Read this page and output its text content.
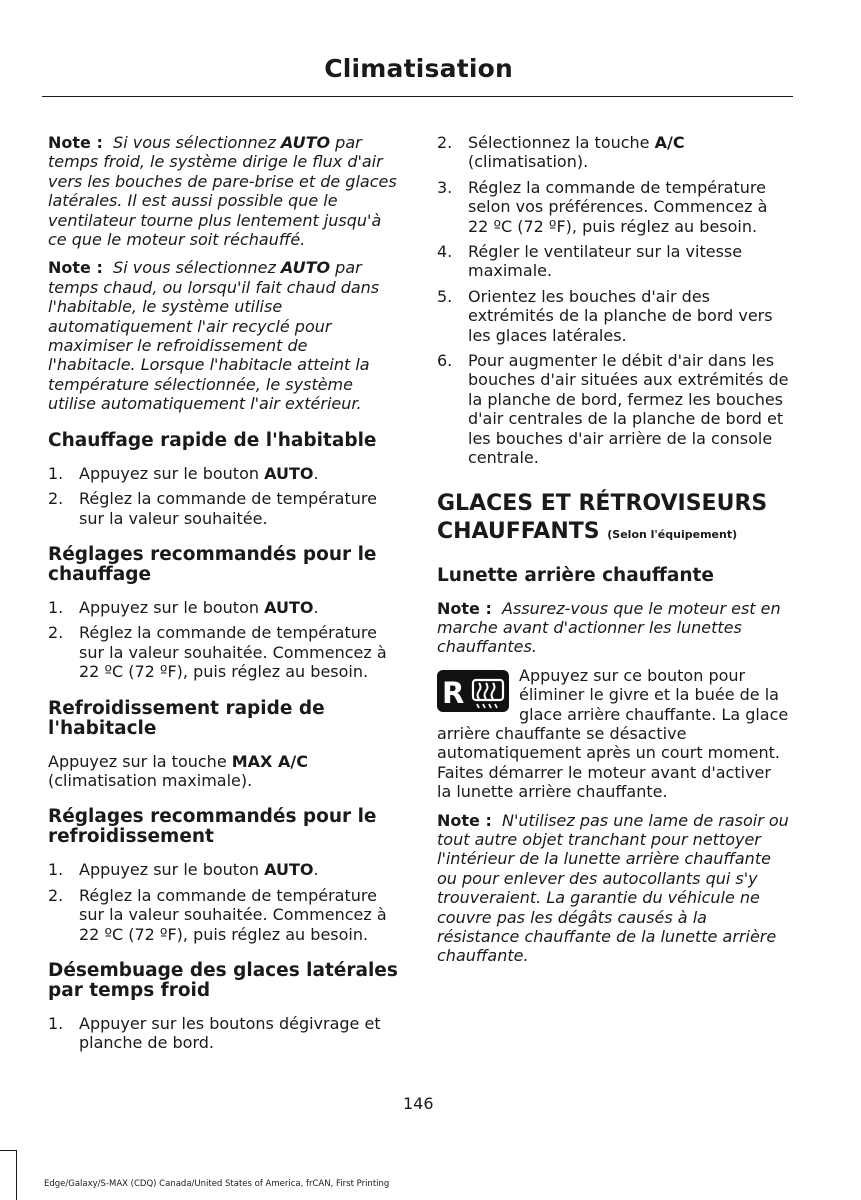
Climatisation

Note : Si vous sélectionnez AUTO par temps froid, le système dirige le flux d'air vers les bouches de pare-brise et de glaces latérales. Il est aussi possible que le ventilateur tourne plus lentement jusqu'à ce que le moteur soit réchauffé.

Note : Si vous sélectionnez AUTO par temps chaud, ou lorsqu'il fait chaud dans l'habitable, le système utilise automatiquement l'air recyclé pour maximiser le refroidissement de l'habitacle. Lorsque l'habitacle atteint la température sélectionnée, le système utilise automatiquement l'air extérieur.

Chauffage rapide de l'habitable
1. Appuyez sur le bouton AUTO.
2. Réglez la commande de température sur la valeur souhaitée.
Réglages recommandés pour le chauffage
1. Appuyez sur le bouton AUTO.
2. Réglez la commande de température sur la valeur souhaitée. Commencez à 22 ºC (72 ºF), puis réglez au besoin.
Refroidissement rapide de l'habitacle

Appuyez sur la touche MAX A/C (climatisation maximale).

Réglages recommandés pour le refroidissement
1. Appuyez sur le bouton AUTO.
2. Réglez la commande de température sur la valeur souhaitée. Commencez à 22 ºC (72 ºF), puis réglez au besoin.
Désembuage des glaces latérales par temps froid
1. Appuyer sur les boutons dégivrage et planche de bord.
2. Sélectionnez la touche A/C (climatisation).
3. Réglez la commande de température selon vos préférences. Commencez à 22 ºC (72 ºF), puis réglez au besoin.
4. Régler le ventilateur sur la vitesse maximale.
5. Orientez les bouches d'air des extrémités de la planche de bord vers les glaces latérales.
6. Pour augmenter le débit d'air dans les bouches d'air situées aux extrémités de la planche de bord, fermez les bouches d'air centrales de la planche de bord et les bouches d'air arrière de la console centrale.
GLACES ET RÉTROVISEURS CHAUFFANTS (Selon l'équipement)
Lunette arrière chauffante

Note : Assurez-vous que le moteur est en marche avant d'actionner les lunettes chauffantes.

R
Appuyez sur ce bouton pour éliminer le givre et la buée de la glace arrière chauffante. La glace arrière chauffante se désactive automatiquement après un court moment. Faites démarrer le moteur avant d'activer la lunette arrière chauffante.

Note : N'utilisez pas une lame de rasoir ou tout autre objet tranchant pour nettoyer l'intérieur de la lunette arrière chauffante ou pour enlever des autocollants qui s'y trouveraient. La garantie du véhicule ne couvre pas les dégâts causés à la résistance chauffante de la lunette arrière chauffante.

146
Edge/Galaxy/S-MAX (CDQ) Canada/United States of America, frCAN, First Printing
